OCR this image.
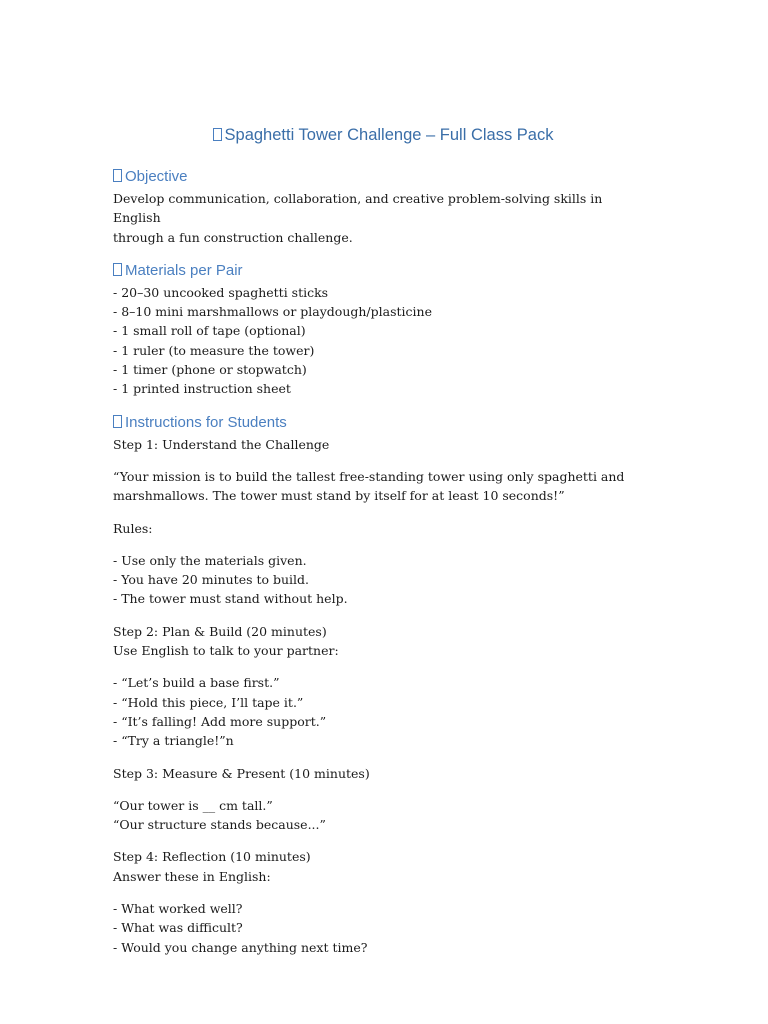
Spaghetti Tower Challenge – Full Class Pack
Objective

Develop communication, collaboration, and creative problem-solving skills in English

through a fun construction challenge.

Materials per Pair

- 20–30 uncooked spaghetti sticks

- 8–10 mini marshmallows or playdough/plasticine

- 1 small roll of tape (optional)

- 1 ruler (to measure the tower)

- 1 timer (phone or stopwatch)

- 1 printed instruction sheet

Instructions for Students

Step 1: Understand the Challenge

“Your mission is to build the tallest free-standing tower using only spaghetti and

marshmallows. The tower must stand by itself for at least 10 seconds!”

Rules:

- Use only the materials given.

- You have 20 minutes to build.

- The tower must stand without help.

Step 2: Plan & Build (20 minutes)

Use English to talk to your partner:

- “Let’s build a base first.”

- “Hold this piece, I’ll tape it.”

- “It’s falling! Add more support.”

- “Try a triangle!”n

Step 3: Measure & Present (10 minutes)

“Our tower is __ cm tall.”

“Our structure stands because...”

Step 4: Reflection (10 minutes)

Answer these in English:

- What worked well?

- What was difficult?

- Would you change anything next time?
